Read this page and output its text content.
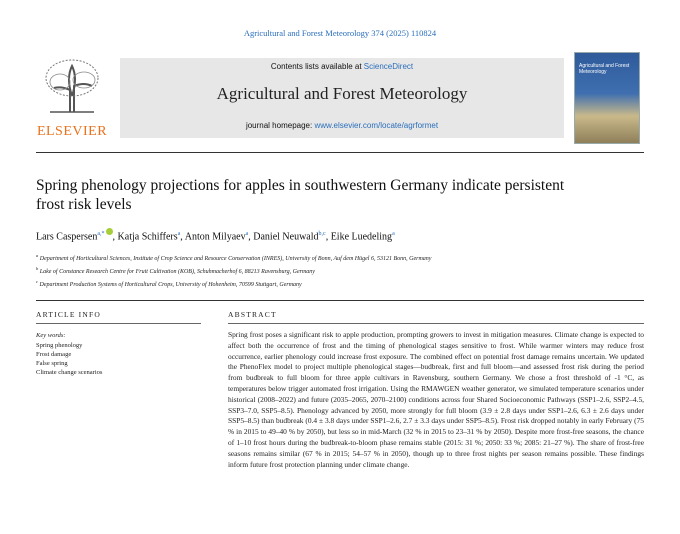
Agricultural and Forest Meteorology 374 (2025) 110824
ELSEVIER
Contents lists available at ScienceDirect
Agricultural and Forest Meteorology
journal homepage: www.elsevier.com/locate/agrformet
Agricultural and Forest Meteorology
Spring phenology projections for apples in southwestern Germany indicate persistent frost risk levels
Lars Caspersen$^{a,*}$ , Katja Schiffers$^a$, Anton Milyaev$^a$, Daniel Neuwald$^{b,c}$, Eike Luedeling$^a$
$^a$ Department of Horticultural Sciences, Institute of Crop Science and Resource Conservation (INRES), University of Bonn, Auf dem Hügel 6, 53121 Bonn, Germany
$^b$ Lake of Constance Research Centre for Fruit Cultivation (KOB), Schuhmacherhof 6, 88213 Ravensburg, Germany
$^c$ Department Production Systems of Horticultural Crops, University of Hohenheim, 70599 Stuttgart, Germany
ARTICLE INFO	ABSTRACT
Key words:
Spring phenology
Frost damage
False spring
Climate change scenarios
Spring frost poses a significant risk to apple production, prompting growers to invest in mitigation measures. Climate change is expected to affect both the occurrence of frost and the timing of phenological stages sensitive to frost. While warmer winters may reduce frost occurrence, earlier phenology could increase frost exposure. The combined effect on potential frost damage remains uncertain. We updated the PhenoFlex model to project multiple phenological stages—budbreak, first and full bloom—and assessed frost risk during the period from budbreak to full bloom for three apple cultivars in Ravensburg, southern Germany. We chose a frost threshold of -1 °C, as temperatures below trigger automated frost irrigation. Using the RMAWGEN weather generator, we simulated temperature scenarios under historical (2008–2022) and future (2035–2065, 2070–2100) conditions across four Shared Socioeconomic Pathways (SSP1–2.6, SSP2–4.5, SSP3–7.0, SSP5–8.5). Phenology advanced by 2050, more strongly for full bloom (3.9 ± 2.8 days under SSP1–2.6, 6.3 ± 2.6 days under SSP5–8.5) than budbreak (0.4 ± 3.8 days under SSP1–2.6, 2.7 ± 3.3 days under SSP5–8.5). Frost risk dropped notably in early February (75 % in 2015 to 49–40 % by 2050), but less so in mid-March (32 % in 2015 to 23–31 % by 2050). Despite more frost-free seasons, the chance of 1–10 frost hours during the budbreak-to-bloom phase remains stable (2015: 31 %; 2050: 33 %; 2085: 21–27 %). The share of frost-free seasons remains similar (67 % in 2015; 54–57 % in 2050), though up to three frost nights per season remains possible. These findings inform future frost protection planning under climate change.
